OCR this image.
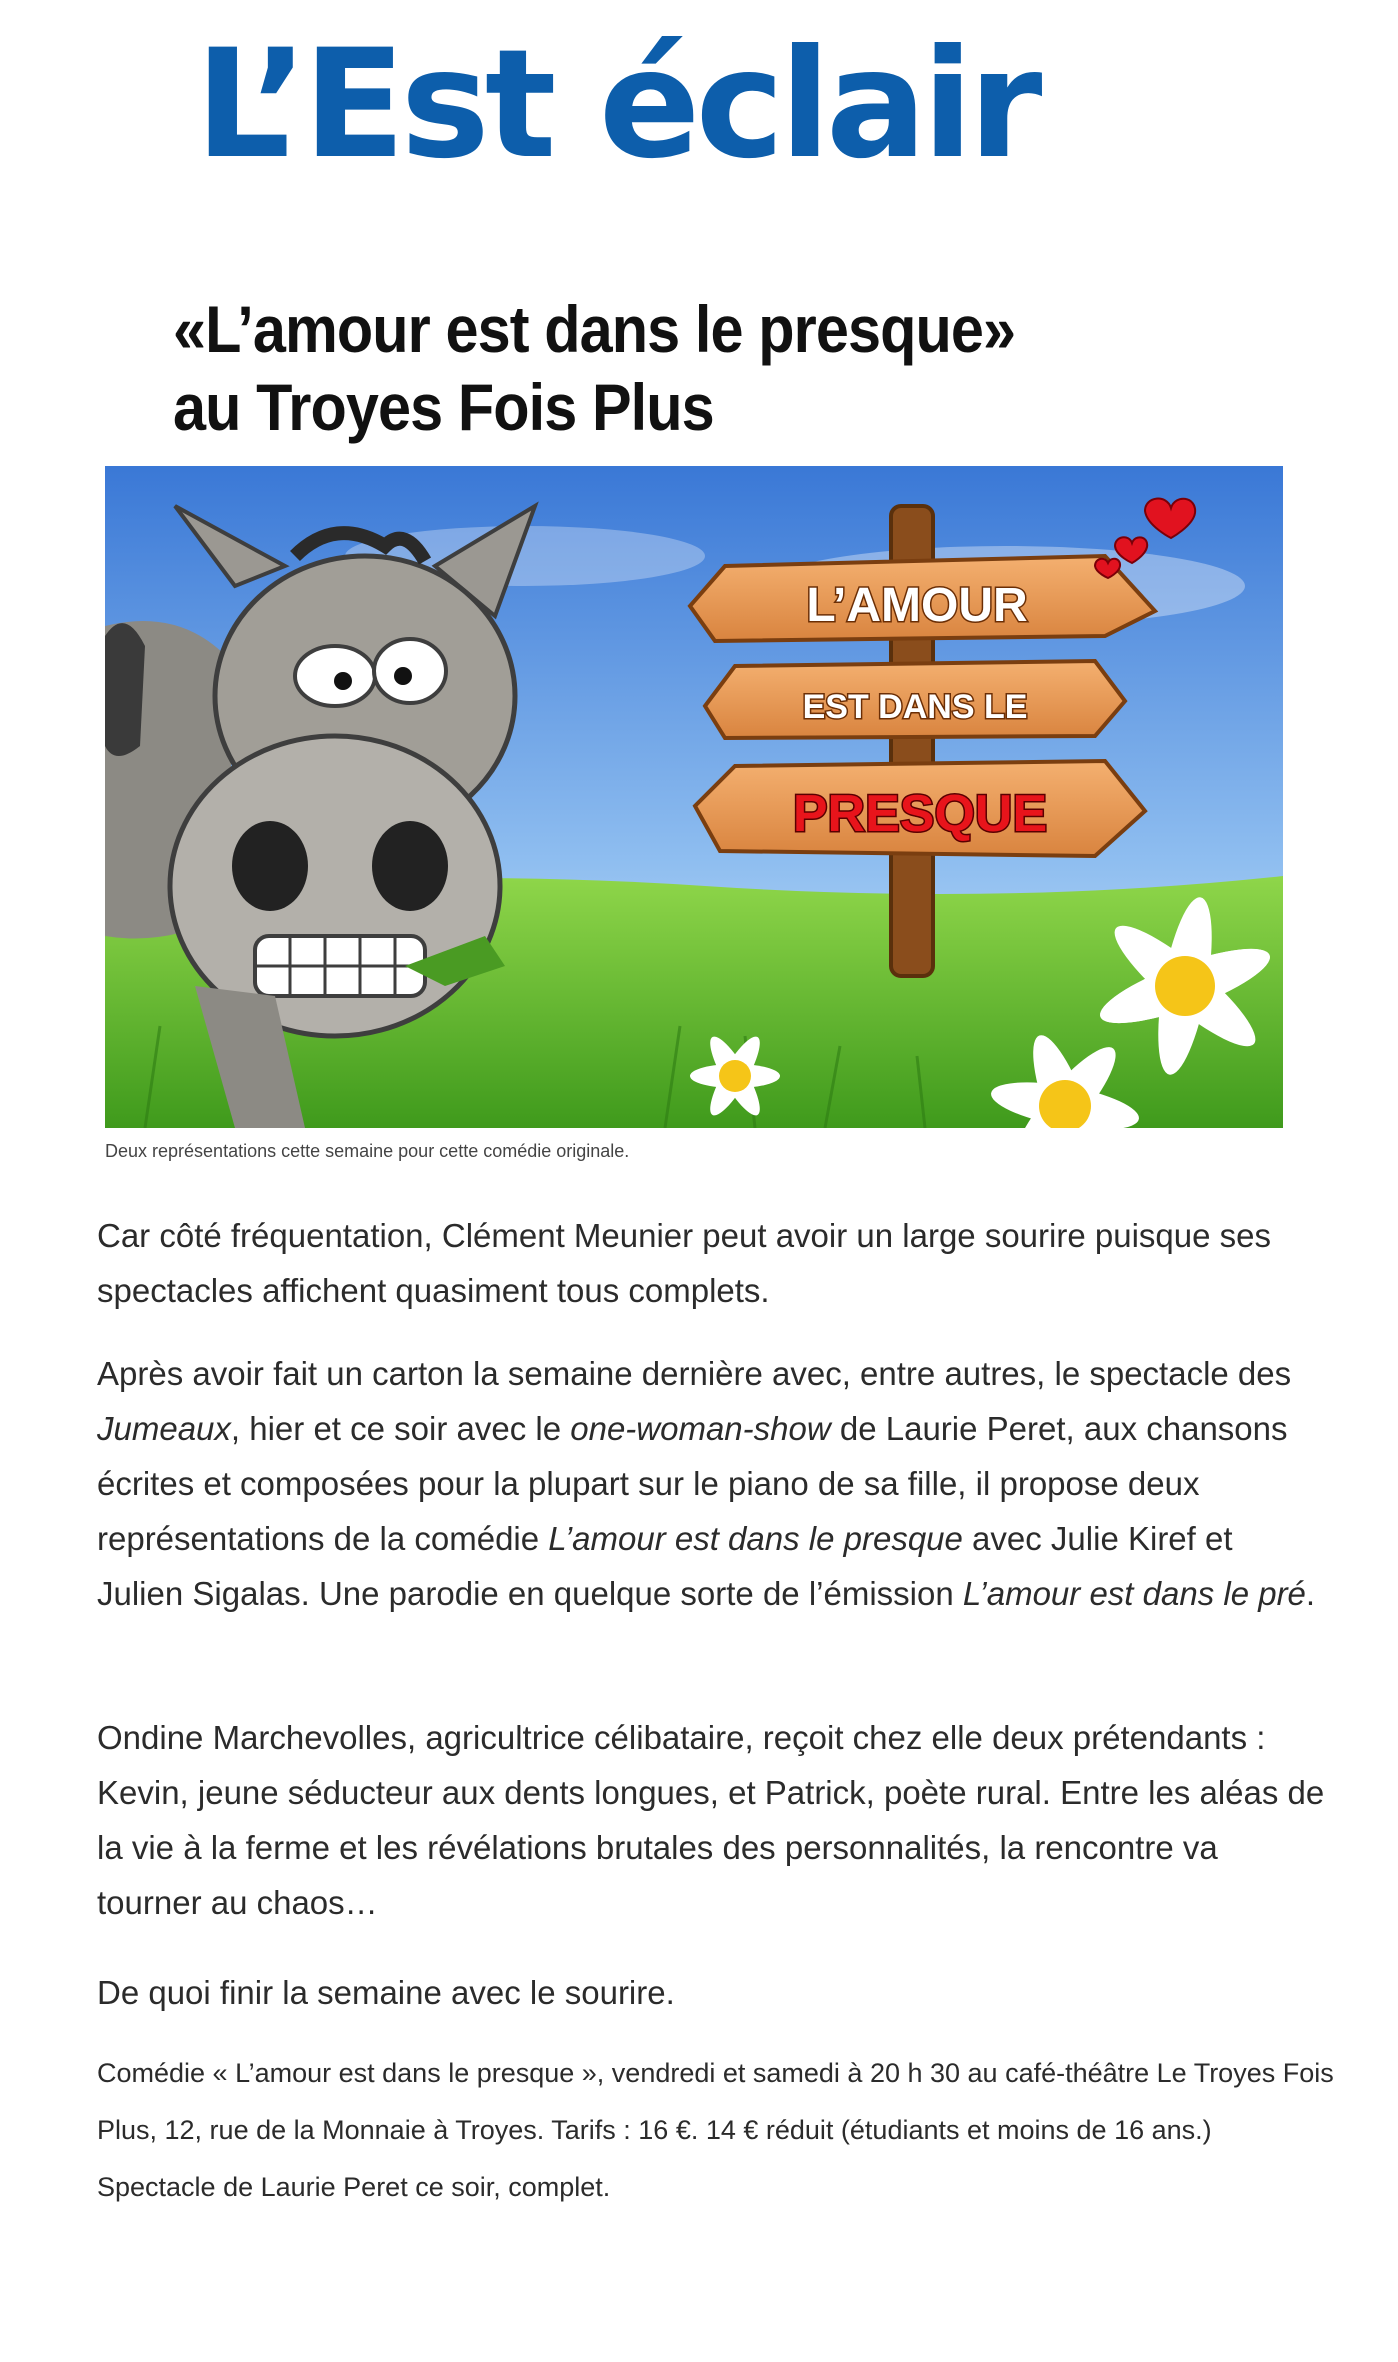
L’Est éclair
«L’amour est dans le presque» au Troyes Fois Plus
L’AMOUR
EST DANS LE
PRESQUE

Deux représentations cette semaine pour cette comédie originale.

Car côté fréquentation, Clément Meunier peut avoir un large sourire puisque ses spectacles affichent quasiment tous complets.

Après avoir fait un carton la semaine dernière avec, entre autres, le spectacle des Jumeaux, hier et ce soir avec le one-woman-show de Laurie Peret, aux chansons écrites et composées pour la plupart sur le piano de sa fille, il propose deux représentations de la comédie L’amour est dans le presque avec Julie Kiref et Julien Sigalas. Une parodie en quelque sorte de l’émission L’amour est dans le pré.

Ondine Marchevolles, agricultrice célibataire, reçoit chez elle deux prétendants : Kevin, jeune séducteur aux dents longues, et Patrick, poète rural. Entre les aléas de la vie à la ferme et les révélations brutales des personnalités, la rencontre va tourner au chaos…

De quoi finir la semaine avec le sourire.

Comédie « L’amour est dans le presque », vendredi et samedi à 20 h 30 au café-théâtre Le Troyes Fois Plus, 12, rue de la Monnaie à Troyes. Tarifs : 16 €. 14 € réduit (étudiants et moins de 16 ans.) Spectacle de Laurie Peret ce soir, complet.
